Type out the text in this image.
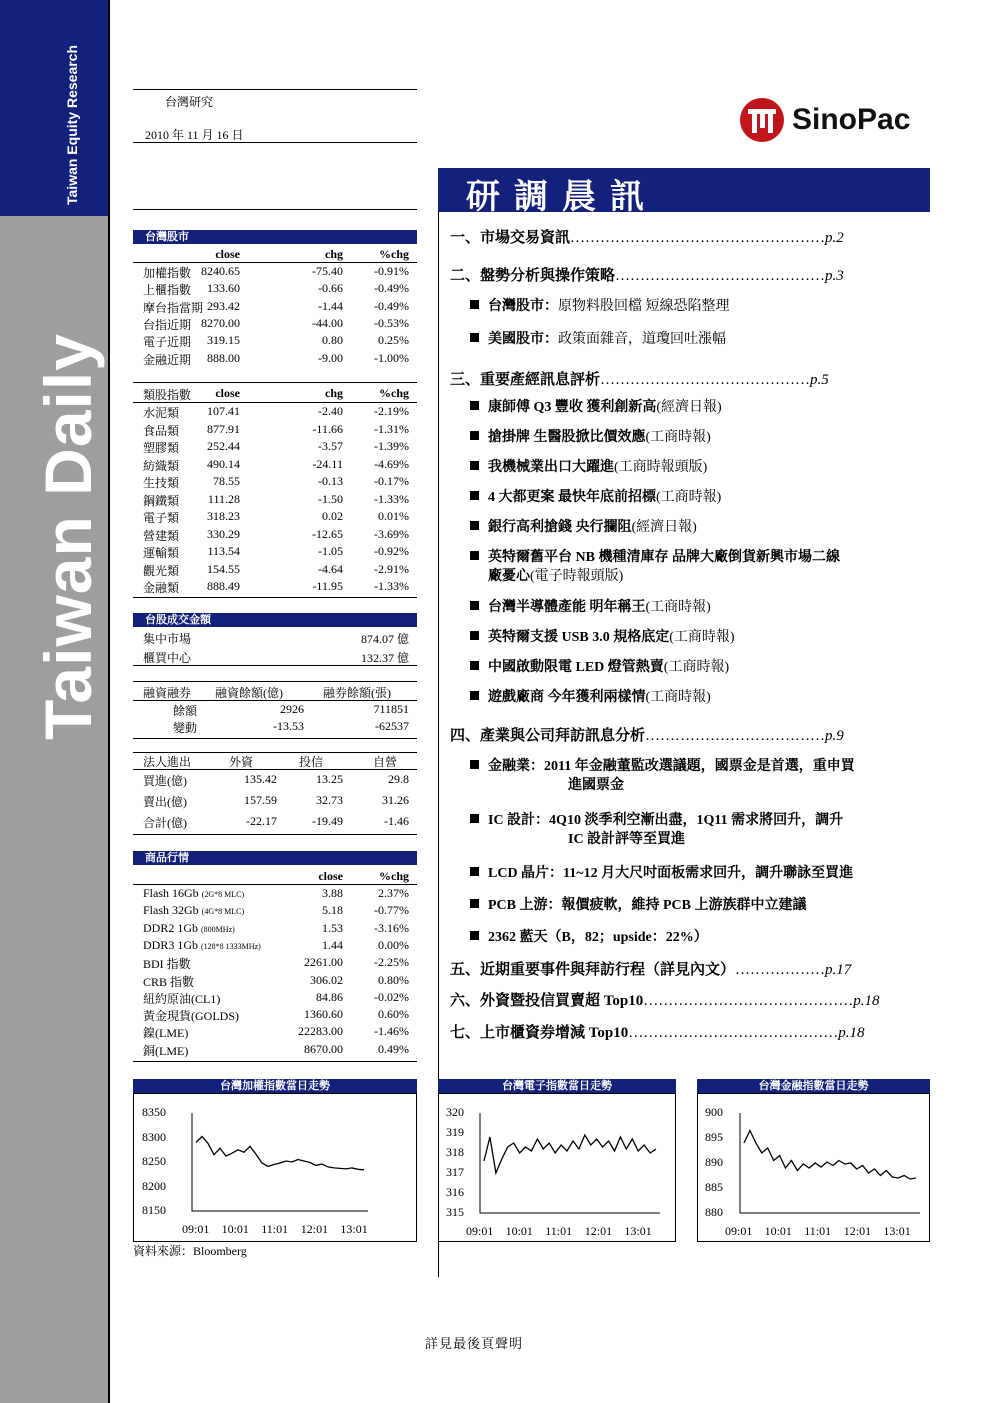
Taiwan Equity Research
Taiwan Daily
台灣研究
2010 年 11 月 16 日	SinoPac
研調晨訊
台灣股市
close	chg	%chg
加權指數 8240.65	-75.40	-0.91%
上櫃指數 133.60	-0.66	-0.49%
摩台指當期 293.42	-1.44	-0.49%
台指近期 8270.00	-44.00	-0.53%
電子近期 319.15	0.80	0.25%
金融近期 888.00	-9.00	-1.00%
類股指數 close	chg	%chg
水泥類 107.41	-2.40	-2.19%
食品類 877.91	-11.66	-1.31%
塑膠類 252.44	-3.57	-1.39%
紡織類 490.14	-24.11	-4.69%
生技類	78.55	-0.13	-0.17%
鋼鐵類 111.28	-1.50	-1.33%
電子類 318.23	0.02	0.01%
營建類 330.29	-12.65	-3.69%
運輸類 113.54	-1.05	-0.92%
觀光類 154.55	-4.64	-2.91%
金融類 888.49	-11.95	-1.33%
台股成交金額
集中市場	874.07 億
櫃買中心	132.37 億
融資融券 融資餘額(億)	融券餘額(張)
餘額	2926	711851
變動	-13.53	-62537
法人進出	外資	投信	自營
買進(億)	135.42	13.25	29.8
賣出(億)	157.59	32.73	31.26
合計(億)	-22.17	-19.49	-1.46
商品行情
close	%chg
Flash 16Gb (2G*8 MLC)	3.88	2.37%
Flash 32Gb (4G*8 MLC)	5.18	-0.77%
DDR2 1Gb (800MHz)	1.53	-3.16%
DDR3 1Gb (128*8 1333MHz)	1.44	0.00%
BDI 指數	2261.00	-2.25%
CRB 指數	306.02	0.80%
紐約原油(CL1)	84.86	-0.02%
黃金現貨(GOLDS)	1360.60	0.60%
鎳(LME)	22283.00	-1.46%
銅(LME)	8670.00	0.49%
一、市場交易資訊……………………………………………p.2
二、盤勢分析與操作策略……………………………………p.3
台灣股市：原物料股回檔 短線恐陷整理
美國股市：政策面雜音，道瓊回吐漲幅
三、重要產經訊息評析……………………………………p.5
康師傅 Q3 豐收 獲利創新高(經濟日報)
搶掛牌 生醫股掀比價效應(工商時報)
我機械業出口大躍進(工商時報頭版)
4 大都更案 最快年底前招標(工商時報)
銀行高利搶錢 央行攔阻(經濟日報)
英特爾舊平台 NB 機種清庫存 品牌大廠倒貨新興市場二線
廠憂心(電子時報頭版)
台灣半導體產能 明年稱王(工商時報)
英特爾支援 USB 3.0 規格底定(工商時報)
中國啟動限電 LED 燈管熱賣(工商時報)
遊戲廠商 今年獲利兩樣情(工商時報)
四、產業與公司拜訪訊息分析………………………………p.9
金融業：2011 年金融董監改選議題，國票金是首選，重申買
進國票金
IC 設計：4Q10 淡季利空漸出盡，1Q11 需求將回升，調升
IC 設計評等至買進
LCD 晶片：11~12 月大尺吋面板需求回升，調升聯詠至買進
PCB 上游：報價疲軟，維持 PCB 上游族群中立建議
2362 藍天（B，82；upside：22%）
五、近期重要事件與拜訪行程（詳見內文）………………p.17
六、外資暨投信買賣超 Top10……………………………………p.18
七、上市櫃資券增減 Top10……………………………………p.18
台灣加權指數當日走勢
8350
8300
8250
8200
8150
09:01 10:01 11:01 12:01 13:01
台灣電子指數當日走勢
320
319
318
317
316
315
09:01 10:01 11:01 12:01 13:01
台灣金融指數當日走勢
900
895
890
885
880
09:01 10:01 11:01 12:01 13:01
資料來源：Bloomberg
詳見最後頁聲明
